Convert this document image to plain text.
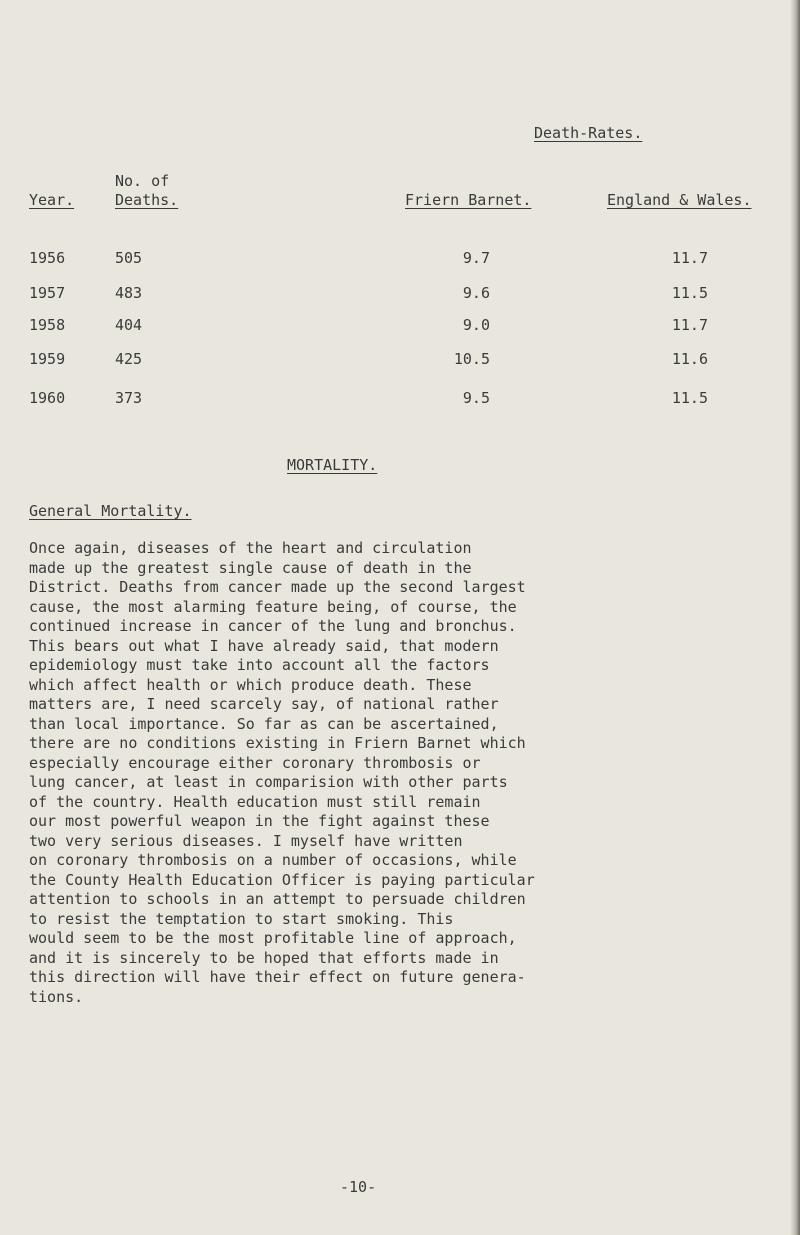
Death-Rates.
No. of
Year.	Deaths.	Friern Barnet.	England & Wales.
1956	505	9.7	11.7
1957	483	9.6	11.5
1958	404	9.0	11.7
1959	425	10.5	11.6
1960	373	9.5	11.5
MORTALITY.
General Mortality.
Once again, diseases of the heart and circulation
made up the greatest single cause of death in the
District. Deaths from cancer made up the second largest
cause, the most alarming feature being, of course, the
continued increase in cancer of the lung and bronchus.
This bears out what I have already said, that modern
epidemiology must take into account all the factors
which affect health or which produce death. These
matters are, I need scarcely say, of national rather
than local importance. So far as can be ascertained,
there are no conditions existing in Friern Barnet which
especially encourage either coronary thrombosis or
lung cancer, at least in comparision with other parts
of the country. Health education must still remain
our most powerful weapon in the fight against these
two very serious diseases. I myself have written
on coronary thrombosis on a number of occasions, while
the County Health Education Officer is paying particular
attention to schools in an attempt to persuade children
to resist the temptation to start smoking. This
would seem to be the most profitable line of approach,
and it is sincerely to be hoped that efforts made in
this direction will have their effect on future genera-
tions.
-10-
